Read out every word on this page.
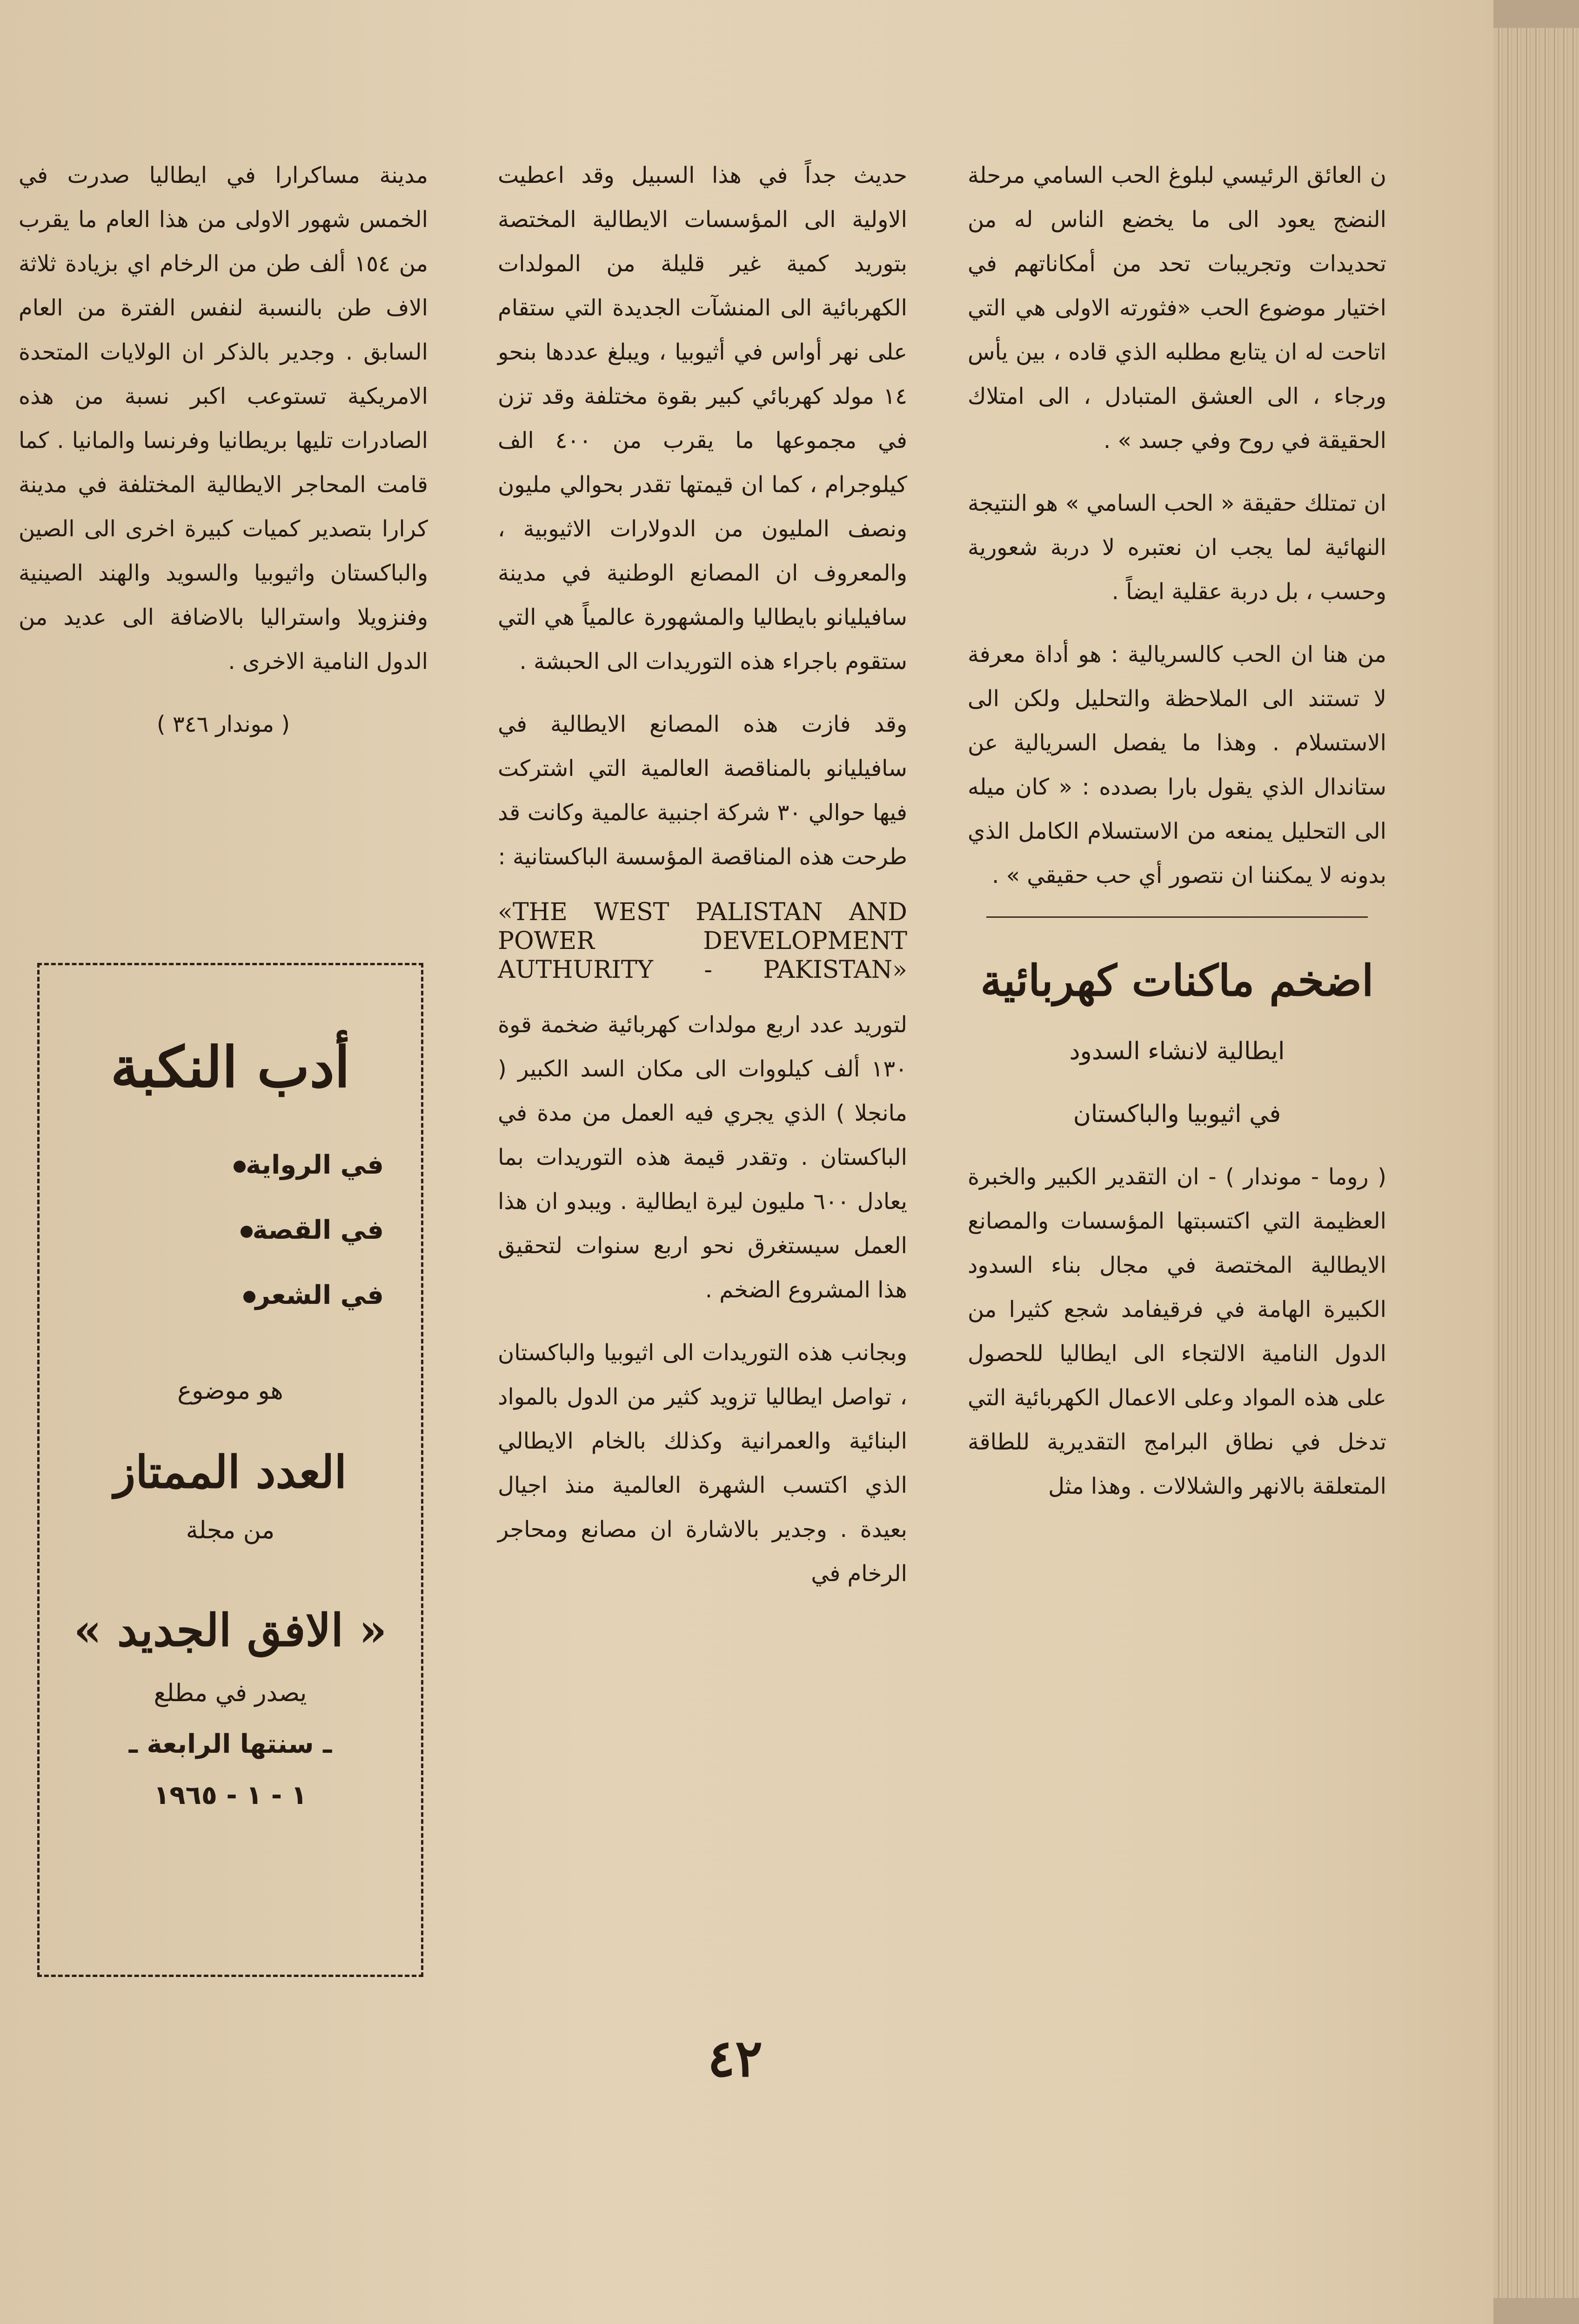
ن العائق الرئيسي لبلوغ الحب السامي مرحلة النضج يعود الى ما يخضع الناس له من تحديدات وتجريبات تحد من أمكاناتهم في اختيار موضوع الحب «فثورته الاولى هي التي اتاحت له ان يتابع مطلبه الذي قاده ، بين يأس ورجاء ، الى العشق المتبادل ، الى امتلاك الحقيقة في روح وفي جسد » .

ان تمتلك حقيقة « الحب السامي » هو النتيجة النهائية لما يجب ان نعتبره لا دربة شعورية وحسب ، بل دربة عقلية ايضاً .

من هنا ان الحب كالسريالية : هو أداة معرفة لا تستند الى الملاحظة والتحليل ولكن الى الاستسلام . وهذا ما يفصل السريالية عن ستاندال الذي يقول بارا بصدده : « كان ميله الى التحليل يمنعه من الاستسلام الكامل الذي بدونه لا يمكننا ان نتصور أي حب حقيقي » .

اضخم ماكنات كهربائية

ايطالية لانشاء السدود

في اثيوبيا والباكستان

( روما - موندار ) - ان التقدير الكبير والخبرة العظيمة التي اكتسبتها المؤسسات والمصانع الايطالية المختصة في مجال بناء السدود الكبيرة الهامة في فرقيفامد شجع كثيرا من الدول النامية الالتجاء الى ايطاليا للحصول على هذه المواد وعلى الاعمال الكهربائية التي تدخل في نطاق البرامج التقديرية للطاقة المتعلقة بالانهر والشلالات . وهذا مثل

حديث جداً في هذا السبيل وقد اعطيت الاولية الى المؤسسات الايطالية المختصة بتوريد كمية غير قليلة من المولدات الكهربائية الى المنشآت الجديدة التي ستقام على نهر أواس في أثيوبيا ، ويبلغ عددها بنحو ١٤ مولد كهربائي كبير بقوة مختلفة وقد تزن في مجموعها ما يقرب من ٤٠٠ الف كيلوجرام ، كما ان قيمتها تقدر بحوالي مليون ونصف المليون من الدولارات الاثيوبية ، والمعروف ان المصانع الوطنية في مدينة سافيليانو بايطاليا والمشهورة عالمياً هي التي ستقوم باجراء هذه التوريدات الى الحبشة .

وقد فازت هذه المصانع الايطالية في سافيليانو بالمناقصة العالمية التي اشتركت فيها حوالي ٣٠ شركة اجنبية عالمية وكانت قد طرحت هذه المناقصة المؤسسة الباكستانية :

«THE WEST PALISTAN AND POWER DEVELOPMENT AUTHURITY - PAKISTAN»

لتوريد عدد اربع مولدات كهربائية ضخمة قوة ١٣٠ ألف كيلووات الى مكان السد الكبير ( مانجلا ) الذي يجري فيه العمل من مدة في الباكستان . وتقدر قيمة هذه التوريدات بما يعادل ٦٠٠ مليون ليرة ايطالية . ويبدو ان هذا العمل سيستغرق نحو اربع سنوات لتحقيق هذا المشروع الضخم .

وبجانب هذه التوريدات الى اثيوبيا والباكستان ، تواصل ايطاليا تزويد كثير من الدول بالمواد البنائية والعمرانية وكذلك بالخام الايطالي الذي اكتسب الشهرة العالمية منذ اجيال بعيدة . وجدير بالاشارة ان مصانع ومحاجر الرخام في

مدينة مساكرارا في ايطاليا صدرت في الخمس شهور الاولى من هذا العام ما يقرب من ١٥٤ ألف طن من الرخام اي بزيادة ثلاثة الاف طن بالنسبة لنفس الفترة من العام السابق . وجدير بالذكر ان الولايات المتحدة الامريكية تستوعب اكبر نسبة من هذه الصادرات تليها بريطانيا وفرنسا والمانيا . كما قامت المحاجر الايطالية المختلفة في مدينة كرارا بتصدير كميات كبيرة اخرى الى الصين والباكستان واثيوبيا والسويد والهند الصينية وفنزويلا واستراليا بالاضافة الى عديد من الدول النامية الاخرى .

( موندار ٣٤٦ )

أدب النكبة
في الرواية
في القصة
في الشعر

هو موضوع

العدد الممتاز

من مجلة

« الافق الجديد »

يصدر في مطلع

ـ سنتها الرابعة ـ

١ - ١ - ١٩٦٥

٤٢
